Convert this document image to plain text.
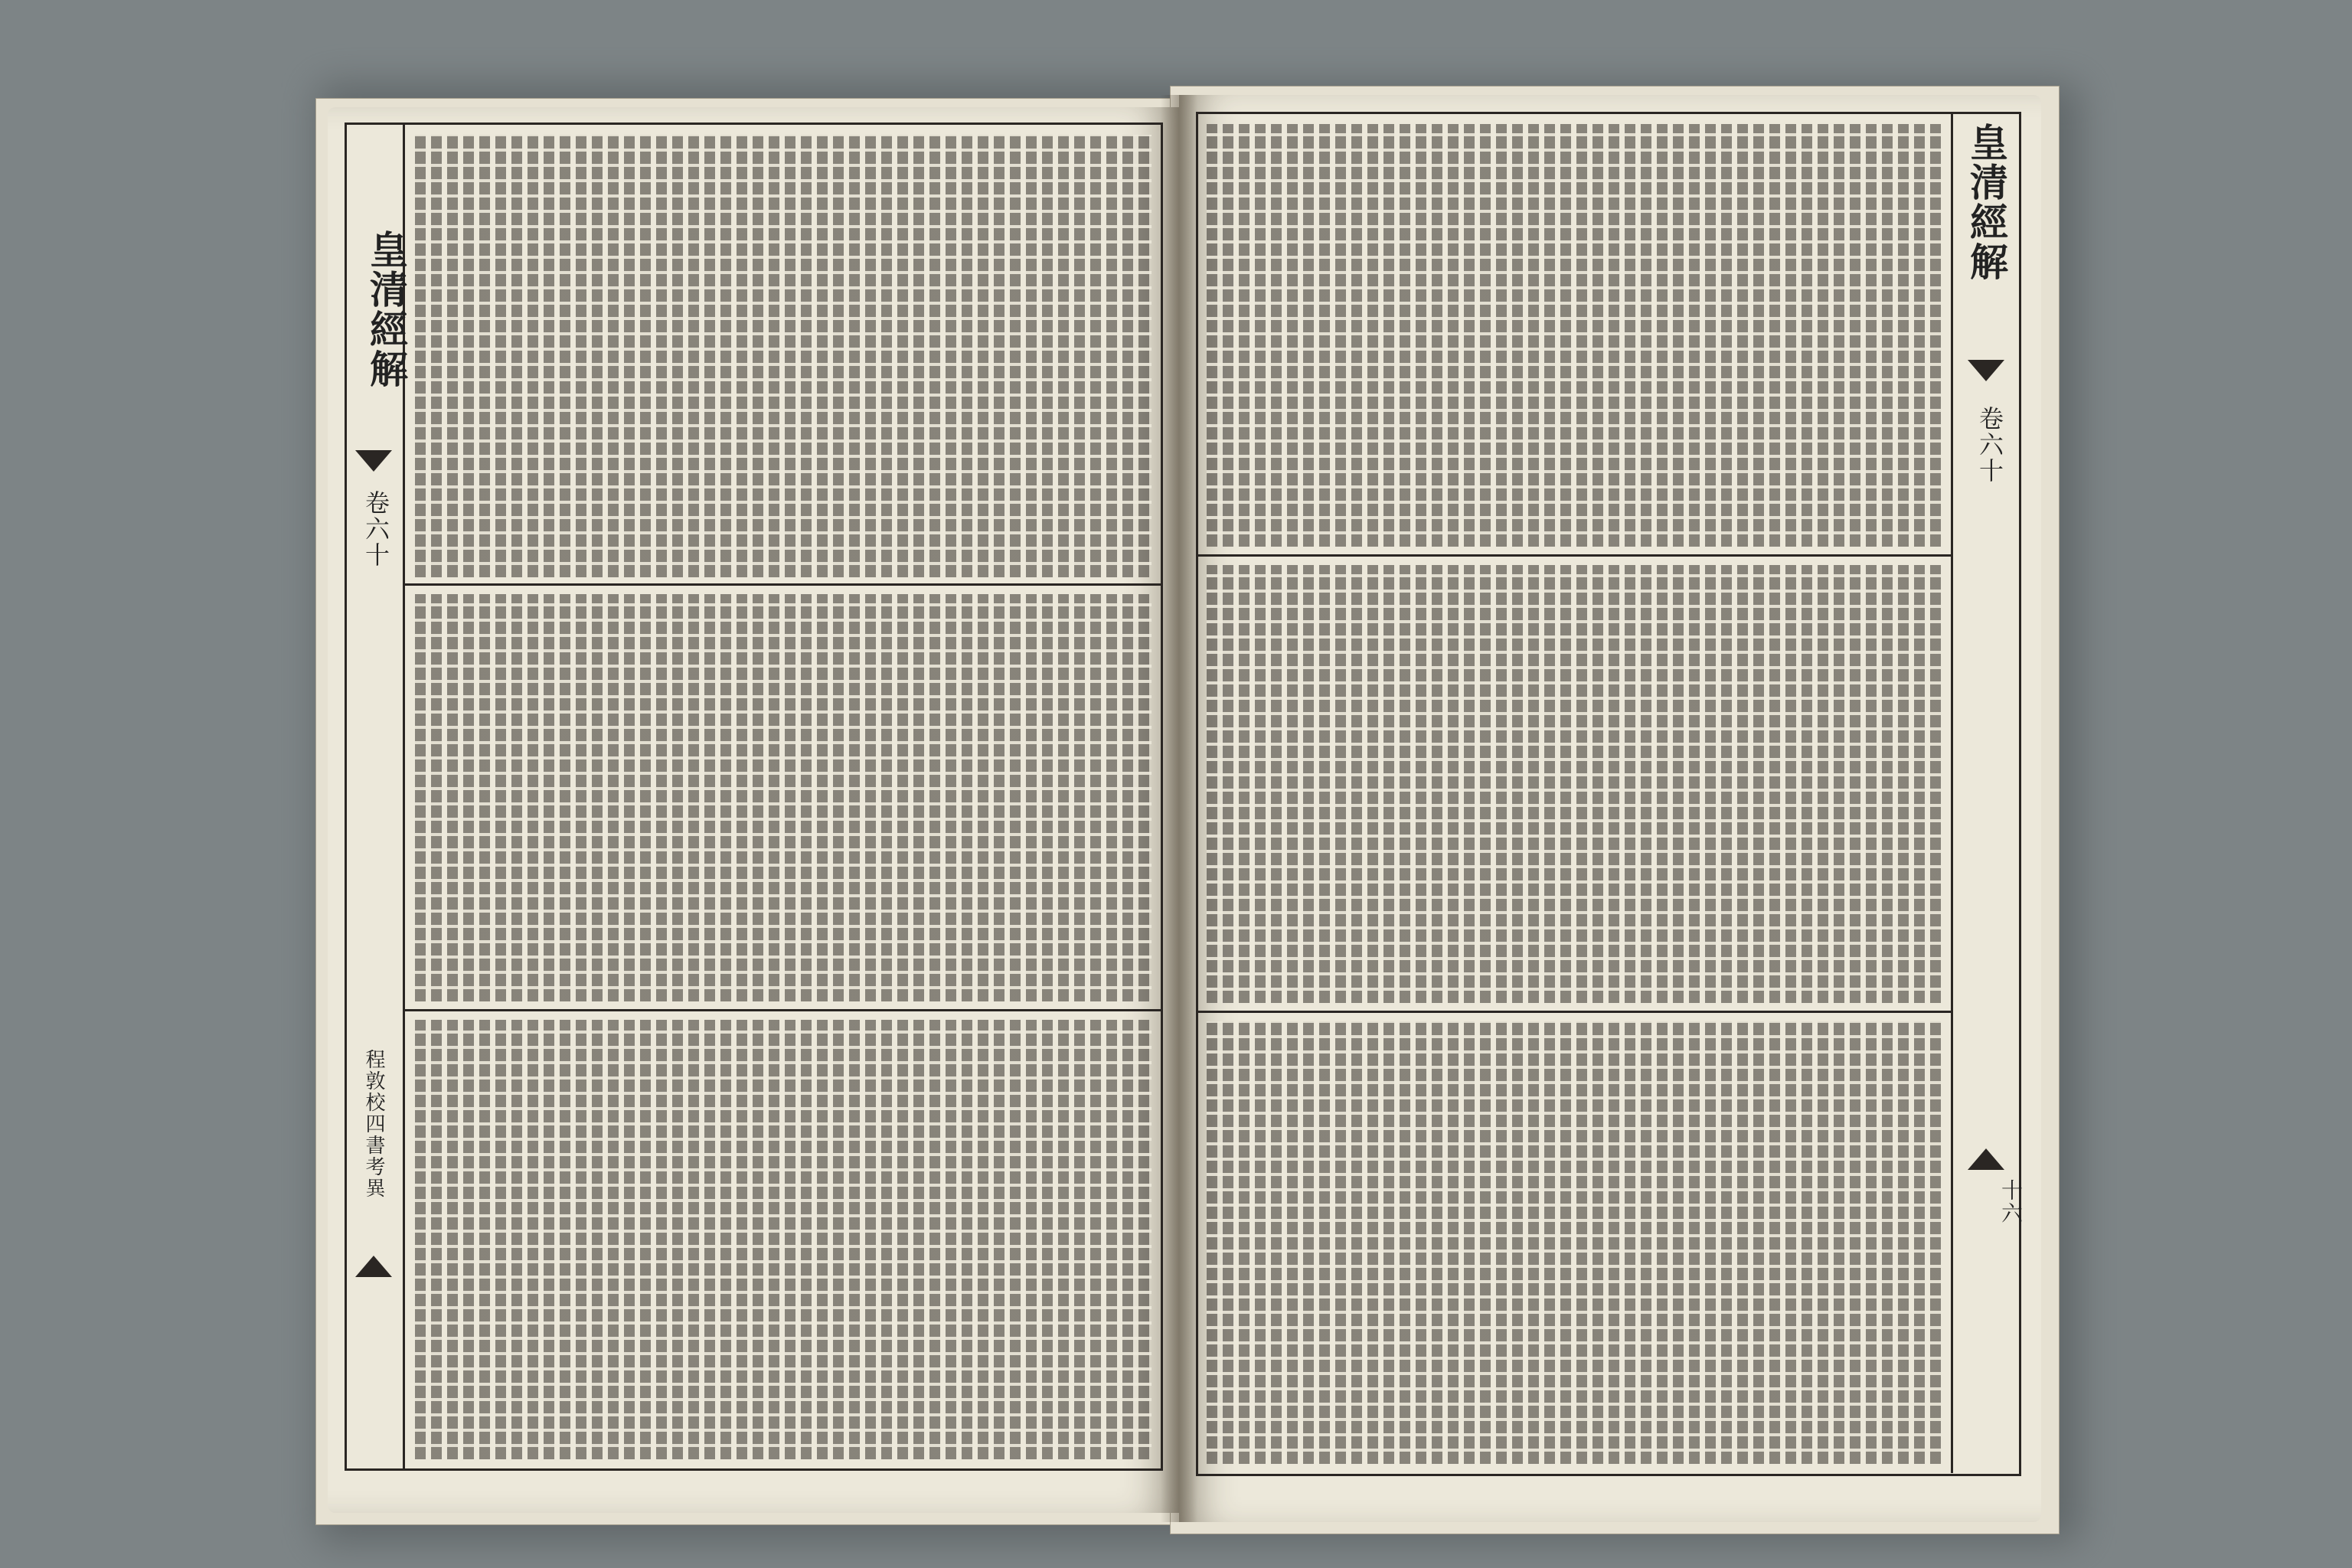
皇清經解
卷六十
程敦校四書考異
皇清經解
卷六十
十六
